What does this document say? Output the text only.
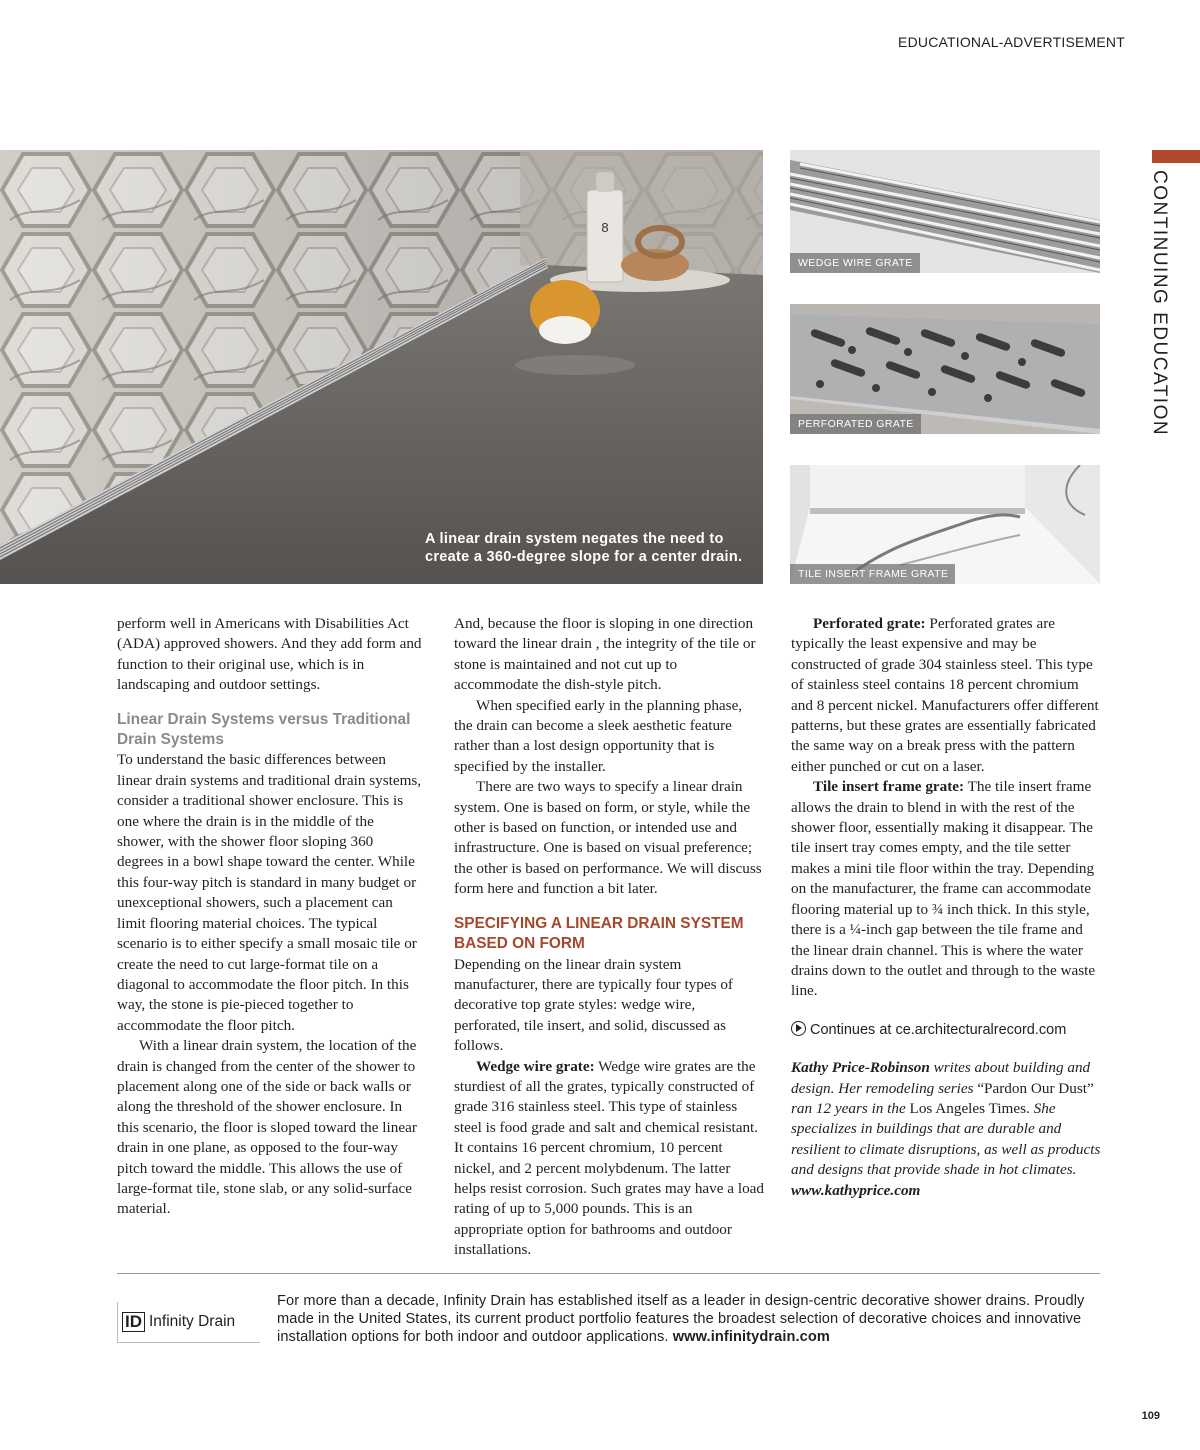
EDUCATIONAL-ADVERTISEMENT
8
A linear drain system negates the need to create a 360-degree slope for a center drain.
WEDGE WIRE GRATE
PERFORATED GRATE
TILE INSERT FRAME GRATE
CONTINUING EDUCATION

perform well in Americans with Disabilities Act (ADA) approved showers. And they add form and function to their original use, which is in landscaping and outdoor settings.

Linear Drain Systems versus Traditional Drain Systems

To understand the basic differences between linear drain systems and traditional drain systems, consider a traditional shower enclosure. This is one where the drain is in the middle of the shower, with the shower floor sloping 360 degrees in a bowl shape toward the center. While this four-way pitch is standard in many budget or unexceptional showers, such a placement can limit flooring material choices. The typical scenario is to either specify a small mosaic tile or create the need to cut large-format tile on a diagonal to accommodate the floor pitch. In this way, the stone is pie-pieced together to accommodate the floor pitch.

With a linear drain system, the location of the drain is changed from the center of the shower to placement along one of the side or back walls or along the threshold of the shower enclosure. In this scenario, the floor is sloped toward the linear drain in one plane, as opposed to the four-way pitch toward the middle. This allows the use of large-format tile, stone slab, or any solid-surface material.

And, because the floor is sloping in one direction toward the linear drain , the integrity of the tile or stone is maintained and not cut up to accommodate the dish-style pitch.

When specified early in the planning phase, the drain can become a sleek aesthetic feature rather than a lost design opportunity that is specified by the installer.

There are two ways to specify a linear drain system. One is based on form, or style, while the other is based on function, or intended use and infrastructure. One is based on visual preference; the other is based on performance. We will discuss form here and function a bit later.

SPECIFYING A LINEAR DRAIN SYSTEM BASED ON FORM

Depending on the linear drain system manufacturer, there are typically four types of decorative top grate styles: wedge wire, perforated, tile insert, and solid, discussed as follows.

Wedge wire grate: Wedge wire grates are the sturdiest of all the grates, typically constructed of grade 316 stainless steel. This type of stainless steel is food grade and salt and chemical resistant. It contains 16 percent chromium, 10 percent nickel, and 2 percent molybdenum. The latter helps resist corrosion. Such grates may have a load rating of up to 5,000 pounds. This is an appropriate option for bathrooms and outdoor installations.

Perforated grate: Perforated grates are typically the least expensive and may be constructed of grade 304 stainless steel. This type of stainless steel contains 18 percent chromium and 8 percent nickel. Manufacturers offer different patterns, but these grates are essentially fabricated the same way on a break press with the pattern either punched or cut on a laser.

Tile insert frame grate: The tile insert frame allows the drain to blend in with the rest of the shower floor, essentially making it disappear. The tile insert tray comes empty, and the tile setter makes a mini tile floor within the tray. Depending on the manufacturer, the frame can accommodate flooring material up to ¾ inch thick. In this style, there is a ¼-inch gap between the tile frame and the linear drain channel. This is where the water drains down to the outlet and through to the waste line.

Continues at ce.architecturalrecord.com

Kathy Price-Robinson writes about building and design. Her remodeling series “Pardon Our Dust” ran 12 years in the Los Angeles Times. She specializes in buildings that are durable and resilient to climate disruptions, as well as products and designs that provide shade in hot climates. www.kathyprice.com

ID Infinity Drain
For more than a decade, Infinity Drain has established itself as a leader in design-centric decorative shower drains. Proudly made in the United States, its current product portfolio features the broadest selection of decorative choices and innovative installation options for both indoor and outdoor applications. www.infinitydrain.com
109
